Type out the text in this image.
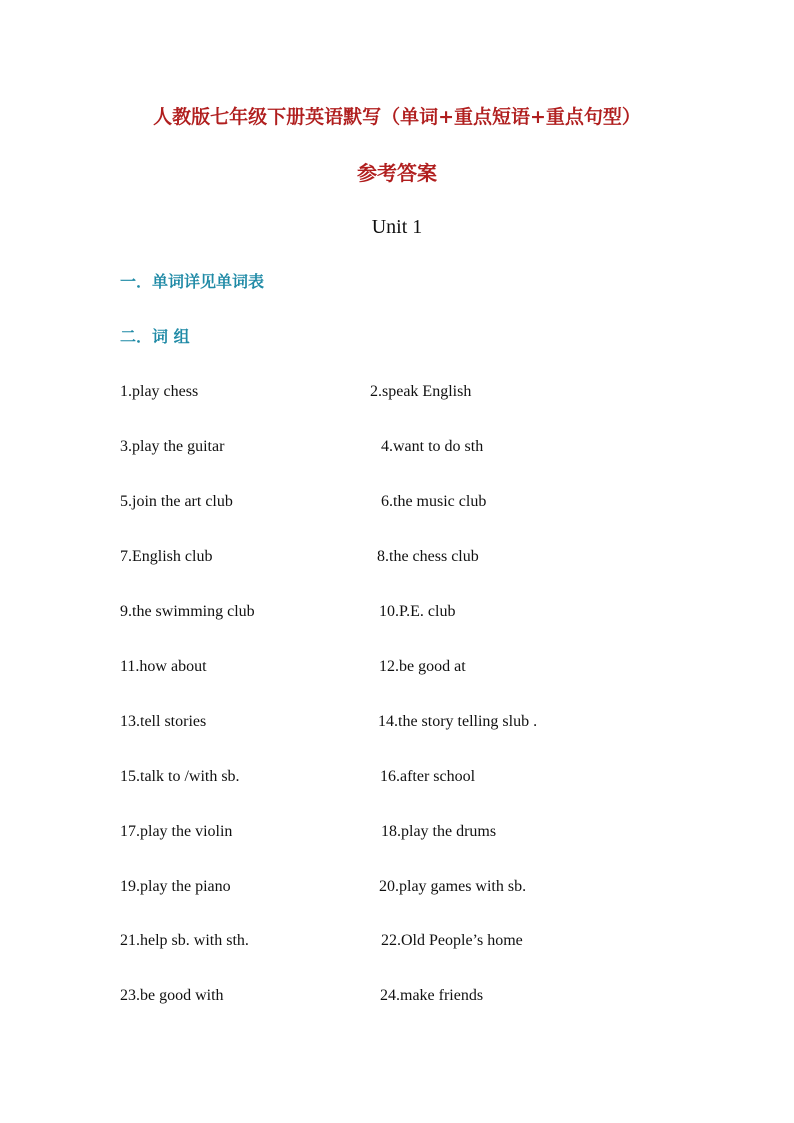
人教版七年级下册英语默写（单词+重点短语+重点句型）
参考答案
Unit 1
一．单词详见单词表
二．词 组
1.play chess	2.speak English
3.play the guitar	4.want to do sth
5.join the art club	6.the music club
7.English club	8.the chess club
9.the swimming club	10.P.E. club
11.how about	12.be good at
13.tell stories	14.the story telling slub .
15.talk to /with sb.	16.after school
17.play the violin	18.play the drums
19.play the piano	20.play games with sb.
21.help sb. with sth.	22.Old People’s home
23.be good with	24.make friends
